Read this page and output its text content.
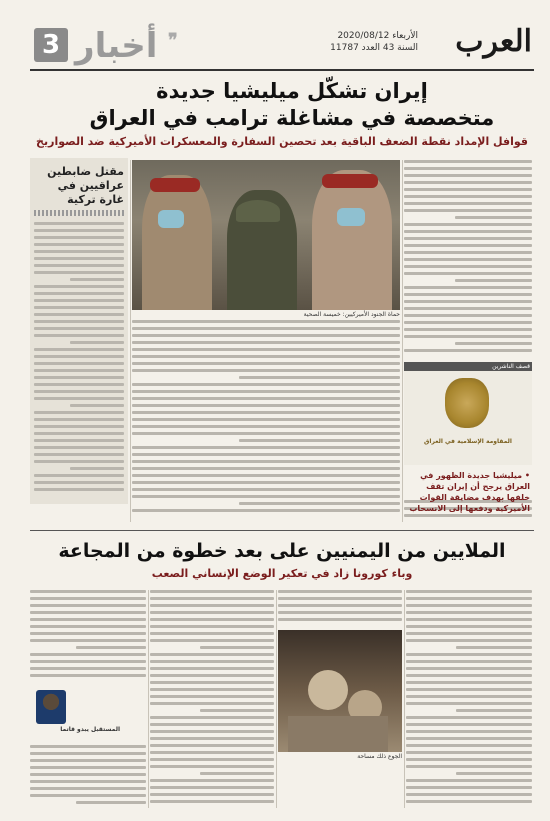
3	❞
أخبار	الأربعاء 2020/08/12
السنة 43 العدد 11787 العرب
إيران تشكّل ميليشيا جديدة
متخصصة في مشاغلة ترامب في العراق
قوافل الإمداد نقطة الضعف الباقية بعد تحصين السفارة والمعسكرات الأميركية ضد الصواريخ
حماة الجنود الأميركيين: خميسة الصحية
مقتل ضابطين عراقيين في غارة تركية
قصف الناشرين
المقاومة الإسلامية في العراق
• ميليشيا جديدة الظهور في العراق يرجح أن إيران تقف خلفها بهدف مضايقة القوات الأميركية ودفعها إلى الانسحاب
الملايين من اليمنيين على بعد خطوة من المجاعة
وباء كورونا زاد في تعكير الوضع الإنساني الصعب
الجوع ذلك مساحة
المستقبل يبدو قاتما
